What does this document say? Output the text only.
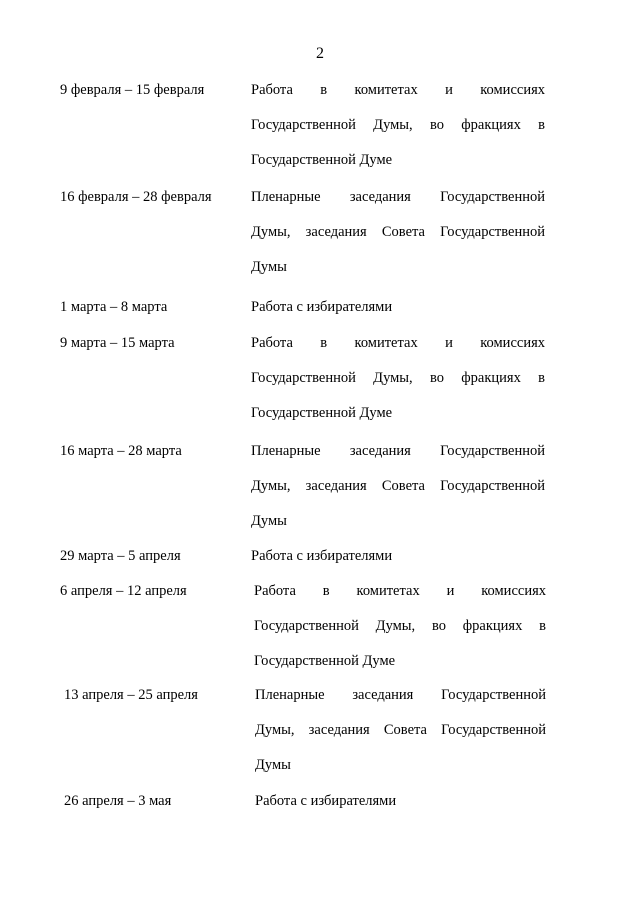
2
9 февраля – 15 февраля	Работа в комитетах и комиссиях
Государственной Думы, во фракциях в
Государственной Думе
16 февраля – 28 февраля	Пленарные заседания Государственной
Думы, заседания Совета Государственной
Думы
1 марта – 8 марта	Работа с избирателями
9 марта – 15 марта	Работа в комитетах и комиссиях
Государственной Думы, во фракциях в
Государственной Думе
16 марта – 28 марта	Пленарные заседания Государственной
Думы, заседания Совета Государственной
Думы
29 марта – 5 апреля	Работа с избирателями
6 апреля – 12 апреля	Работа в комитетах и комиссиях
Государственной Думы, во фракциях в
Государственной Думе
13 апреля – 25 апреля	Пленарные заседания Государственной
Думы, заседания Совета Государственной
Думы
26 апреля – 3 мая	Работа с избирателями
